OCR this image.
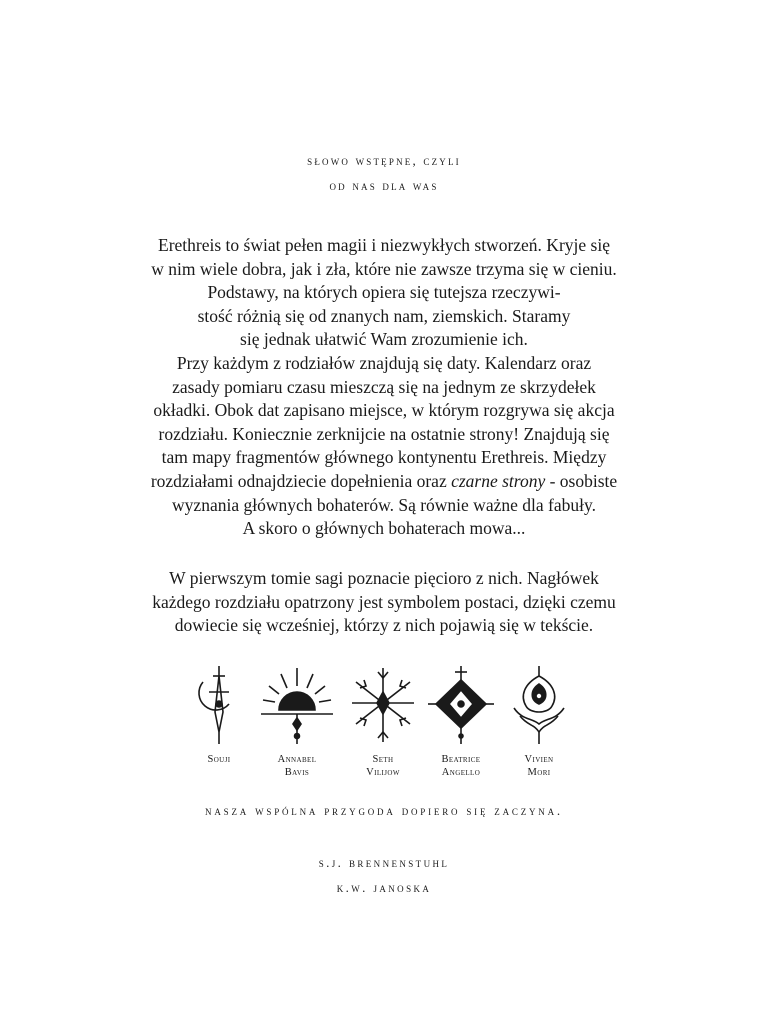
słowo wstępne, czyli
od nas dla was
Erethreis to świat pełen magii i niezwykłych stworzeń. Kryje się
w nim wiele dobra, jak i zła, które nie zawsze trzyma się w cieniu.
Podstawy, na których opiera się tutejsza rzeczywi-
stość różnią się od znanych nam, ziemskich. Staramy
się jednak ułatwić Wam zrozumienie ich.
Przy każdym z rodziałów znajdują się daty. Kalendarz oraz
zasady pomiaru czasu mieszczą się na jednym ze skrzydełek
okładki. Obok dat zapisano miejsce, w którym rozgrywa się akcja
rozdziału. Koniecznie zerknijcie na ostatnie strony! Znajdują się
tam mapy fragmentów głównego kontynentu Erethreis. Między
rozdziałami odnajdziecie dopełnienia oraz czarne strony - osobiste
wyznania głównych bohaterów. Są równie ważne dla fabuły.
A skoro o głównych bohaterach mowa...
W pierwszym tomie sagi poznacie pięcioro z nich. Nagłówek
każdego rozdziału opatrzony jest symbolem postaci, dzięki czemu
dowiecie się wcześniej, którzy z nich pojawią się w tekście.
Souji	Annabel
Bavis
Seth
Vilijow
Beatrice
Angello
Vivien
Mori
nasza wspólna przygoda dopiero się zaczyna.
s.j. brennenstuhl
k.w. janoska
